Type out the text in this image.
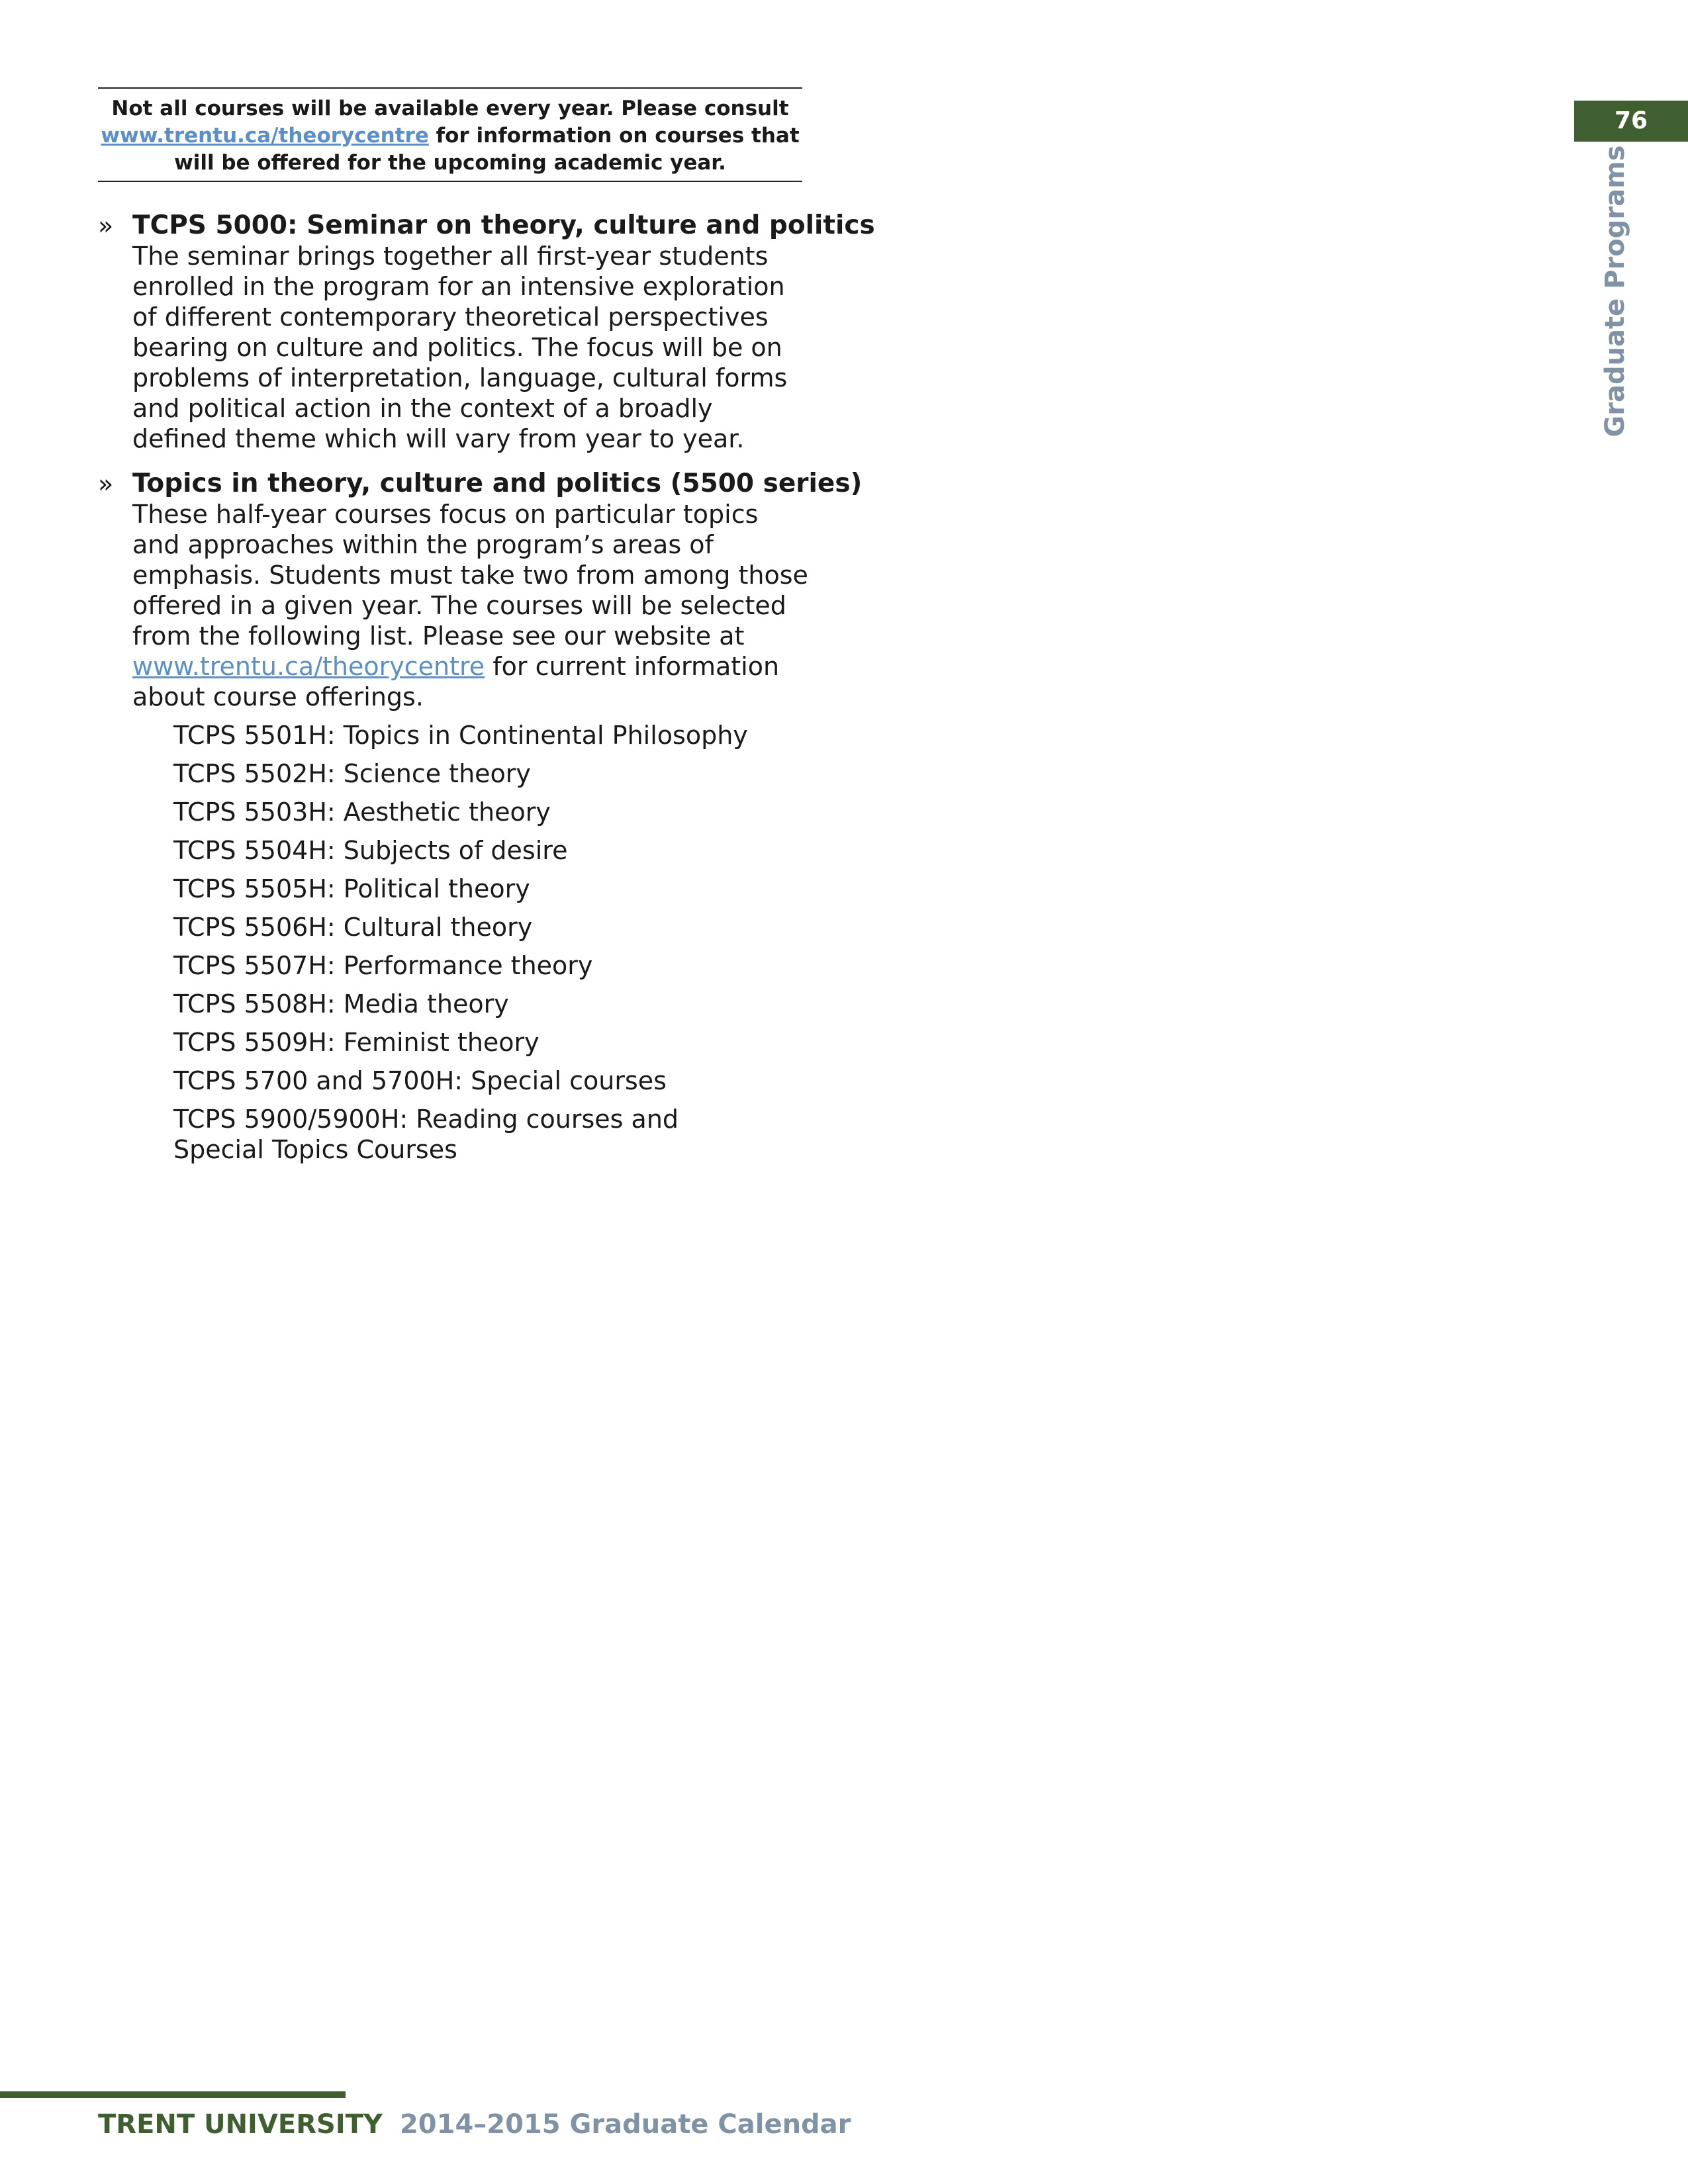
Not all courses will be available every year. Please consult
www.trentu.ca/theorycentre for information on courses that
will be offered for the upcoming academic year.
» TCPS 5000: Seminar on theory, culture and politics
The seminar brings together all first-year students enrolled in the program for an intensive exploration of different contemporary theoretical perspectives bearing on culture and politics. The focus will be on problems of interpretation, language, cultural forms and political action in the context of a broadly defined theme which will vary from year to year.
» Topics in theory, culture and politics (5500 series)
These half-year courses focus on particular topics and approaches within the program’s areas of emphasis. Students must take two from among those offered in a given year. The courses will be selected from the following list. Please see our website at www.trentu.ca/theorycentre for current information about course offerings.
TCPS 5501H: Topics in Continental Philosophy
TCPS 5502H: Science theory
TCPS 5503H: Aesthetic theory
TCPS 5504H: Subjects of desire
TCPS 5505H: Political theory
TCPS 5506H: Cultural theory
TCPS 5507H: Performance theory
TCPS 5508H: Media theory
TCPS 5509H: Feminist theory
TCPS 5700 and 5700H: Special courses
TCPS 5900/5900H: Reading courses and Special Topics Courses
76
Graduate Programs
TRENT UNIVERSITY 2014–2015 Graduate Calendar
